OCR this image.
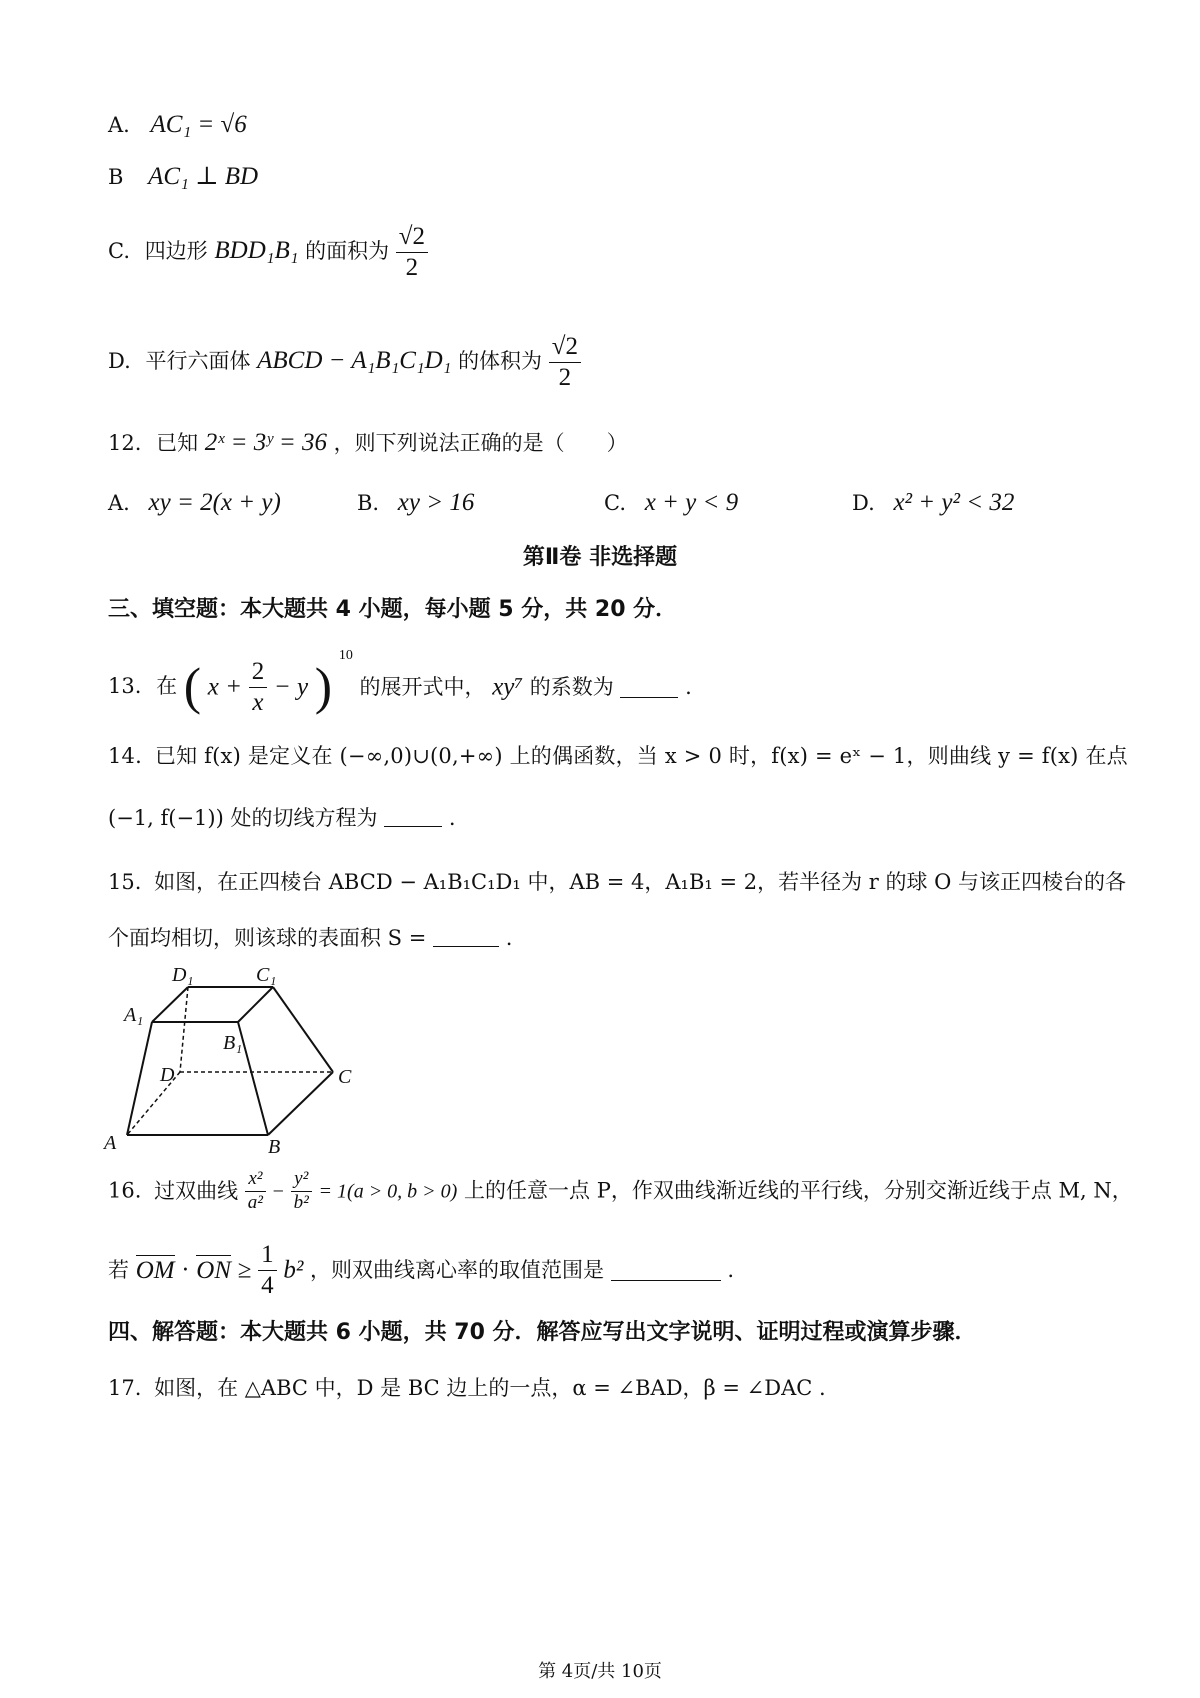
A. AC₁ = √6
B AC₁ ⊥ BD
C. 四边形 BDD₁B₁ 的面积为 $\frac{√2}{2}$
D. 平行六面体 ABCD − A₁B₁C₁D₁ 的体积为 $\frac{√2}{2}$
12. 已知 2ˣ = 3ʸ = 36 ，则下列说法正确的是（　　）
A. xy = 2(x + y)	B. xy > 16	C. x + y < 9	D. x² + y² < 32
第Ⅱ卷 非选择题
三、填空题：本大题共 4 小题，每小题 5 分，共 20 分．
13. 在 ( $x + \frac{2}{x} - y$ ) $^{10}$ 的展开式中， xy⁷ 的系数为	.
14. 已知 f(x) 是定义在 (−∞,0)∪(0,+∞) 上的偶函数，当 x > 0 时，f(x) = eˣ − 1，则曲线 y = f(x) 在点
(−1, f(−1)) 处的切线方程为	.
15. 如图，在正四棱台 ABCD − A₁B₁C₁D₁ 中，AB = 4，A₁B₁ = 2，若半径为 r 的球 O 与该正四棱台的各
个面均相切，则该球的表面积 S =	.
D₁	C₁
A₁
B₁
D	C
A	B
16. 过双曲线 $\frac{\text{x²}}{\text{a²}} - \frac{\text{y²}}{\text{b²}} = 1(a > 0$, b > 0) 上的任意一点 P，作双曲线渐近线的平行线，分别交渐近线于点 M, N，
若 OM · ON ≥ $\frac{1}{4} b^2$ ，则双曲线离心率的取值范围是	.
四、解答题：本大题共 6 小题，共 70 分．解答应写出文字说明、证明过程或演算步骤．
17. 如图，在 △ABC 中，D 是 BC 边上的一点，α = ∠BAD，β = ∠DAC .
第 4页/共 10页
